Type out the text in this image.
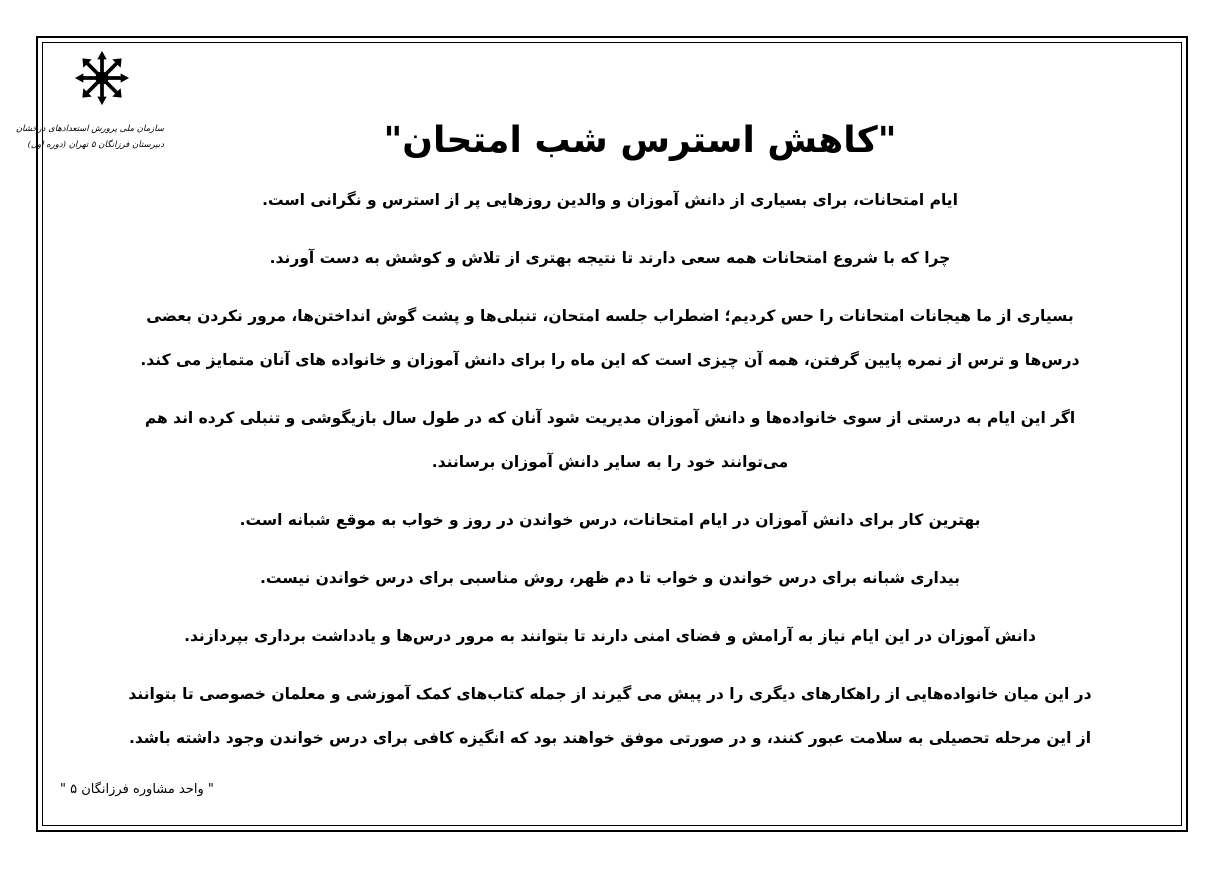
سازمان ملی پرورش استعدادهای درخشان
دبیرستان فرزانگان ۵ تهران (دوره اول)	"کاهش استرس شب امتحان"

ایام امتحانات، برای بسیاری از دانش آموزان و والدین روزهایی پر از استرس و نگرانی است.

چرا که با شروع امتحانات همه سعی دارند تا نتیجه بهتری از تلاش و کوشش به دست آورند.

بسیاری از ما هیجانات امتحانات را حس کردیم؛ اضطراب جلسه امتحان، تنبلی‌ها و پشت گوش انداختن‌ها، مرور نکردن بعضی
درس‌ها و ترس از نمره پایین گرفتن، همه آن چیزی است که این ماه را برای دانش آموزان و خانواده های آنان متمایز می کند.

اگر این ایام به درستی از سوی خانواده‌ها و دانش آموزان مدیریت شود آنان که در طول سال بازیگوشی و تنبلی کرده اند هم
می‌توانند خود را به سایر دانش آموزان برسانند.

بهترین کار برای دانش آموزان در ایام امتحانات، درس خواندن در روز و خواب به موقع شبانه است.

بیداری شبانه برای درس خواندن و خواب تا دم ظهر، روش مناسبی برای درس خواندن نیست.

دانش آموزان در این ایام نیاز به آرامش و فضای امنی دارند تا بتوانند به مرور درس‌ها و یادداشت برداری بپردازند.

در این میان خانواده‌هایی از راهکارهای دیگری را در پیش می گیرند از جمله کتاب‌های کمک آموزشی و معلمان خصوصی تا بتوانند
از این مرحله تحصیلی به سلامت عبور کنند، و در صورتی موفق خواهند بود که انگیزه کافی برای درس خواندن وجود داشته باشد.

" واحد مشاوره فرزانگان ۵ "
